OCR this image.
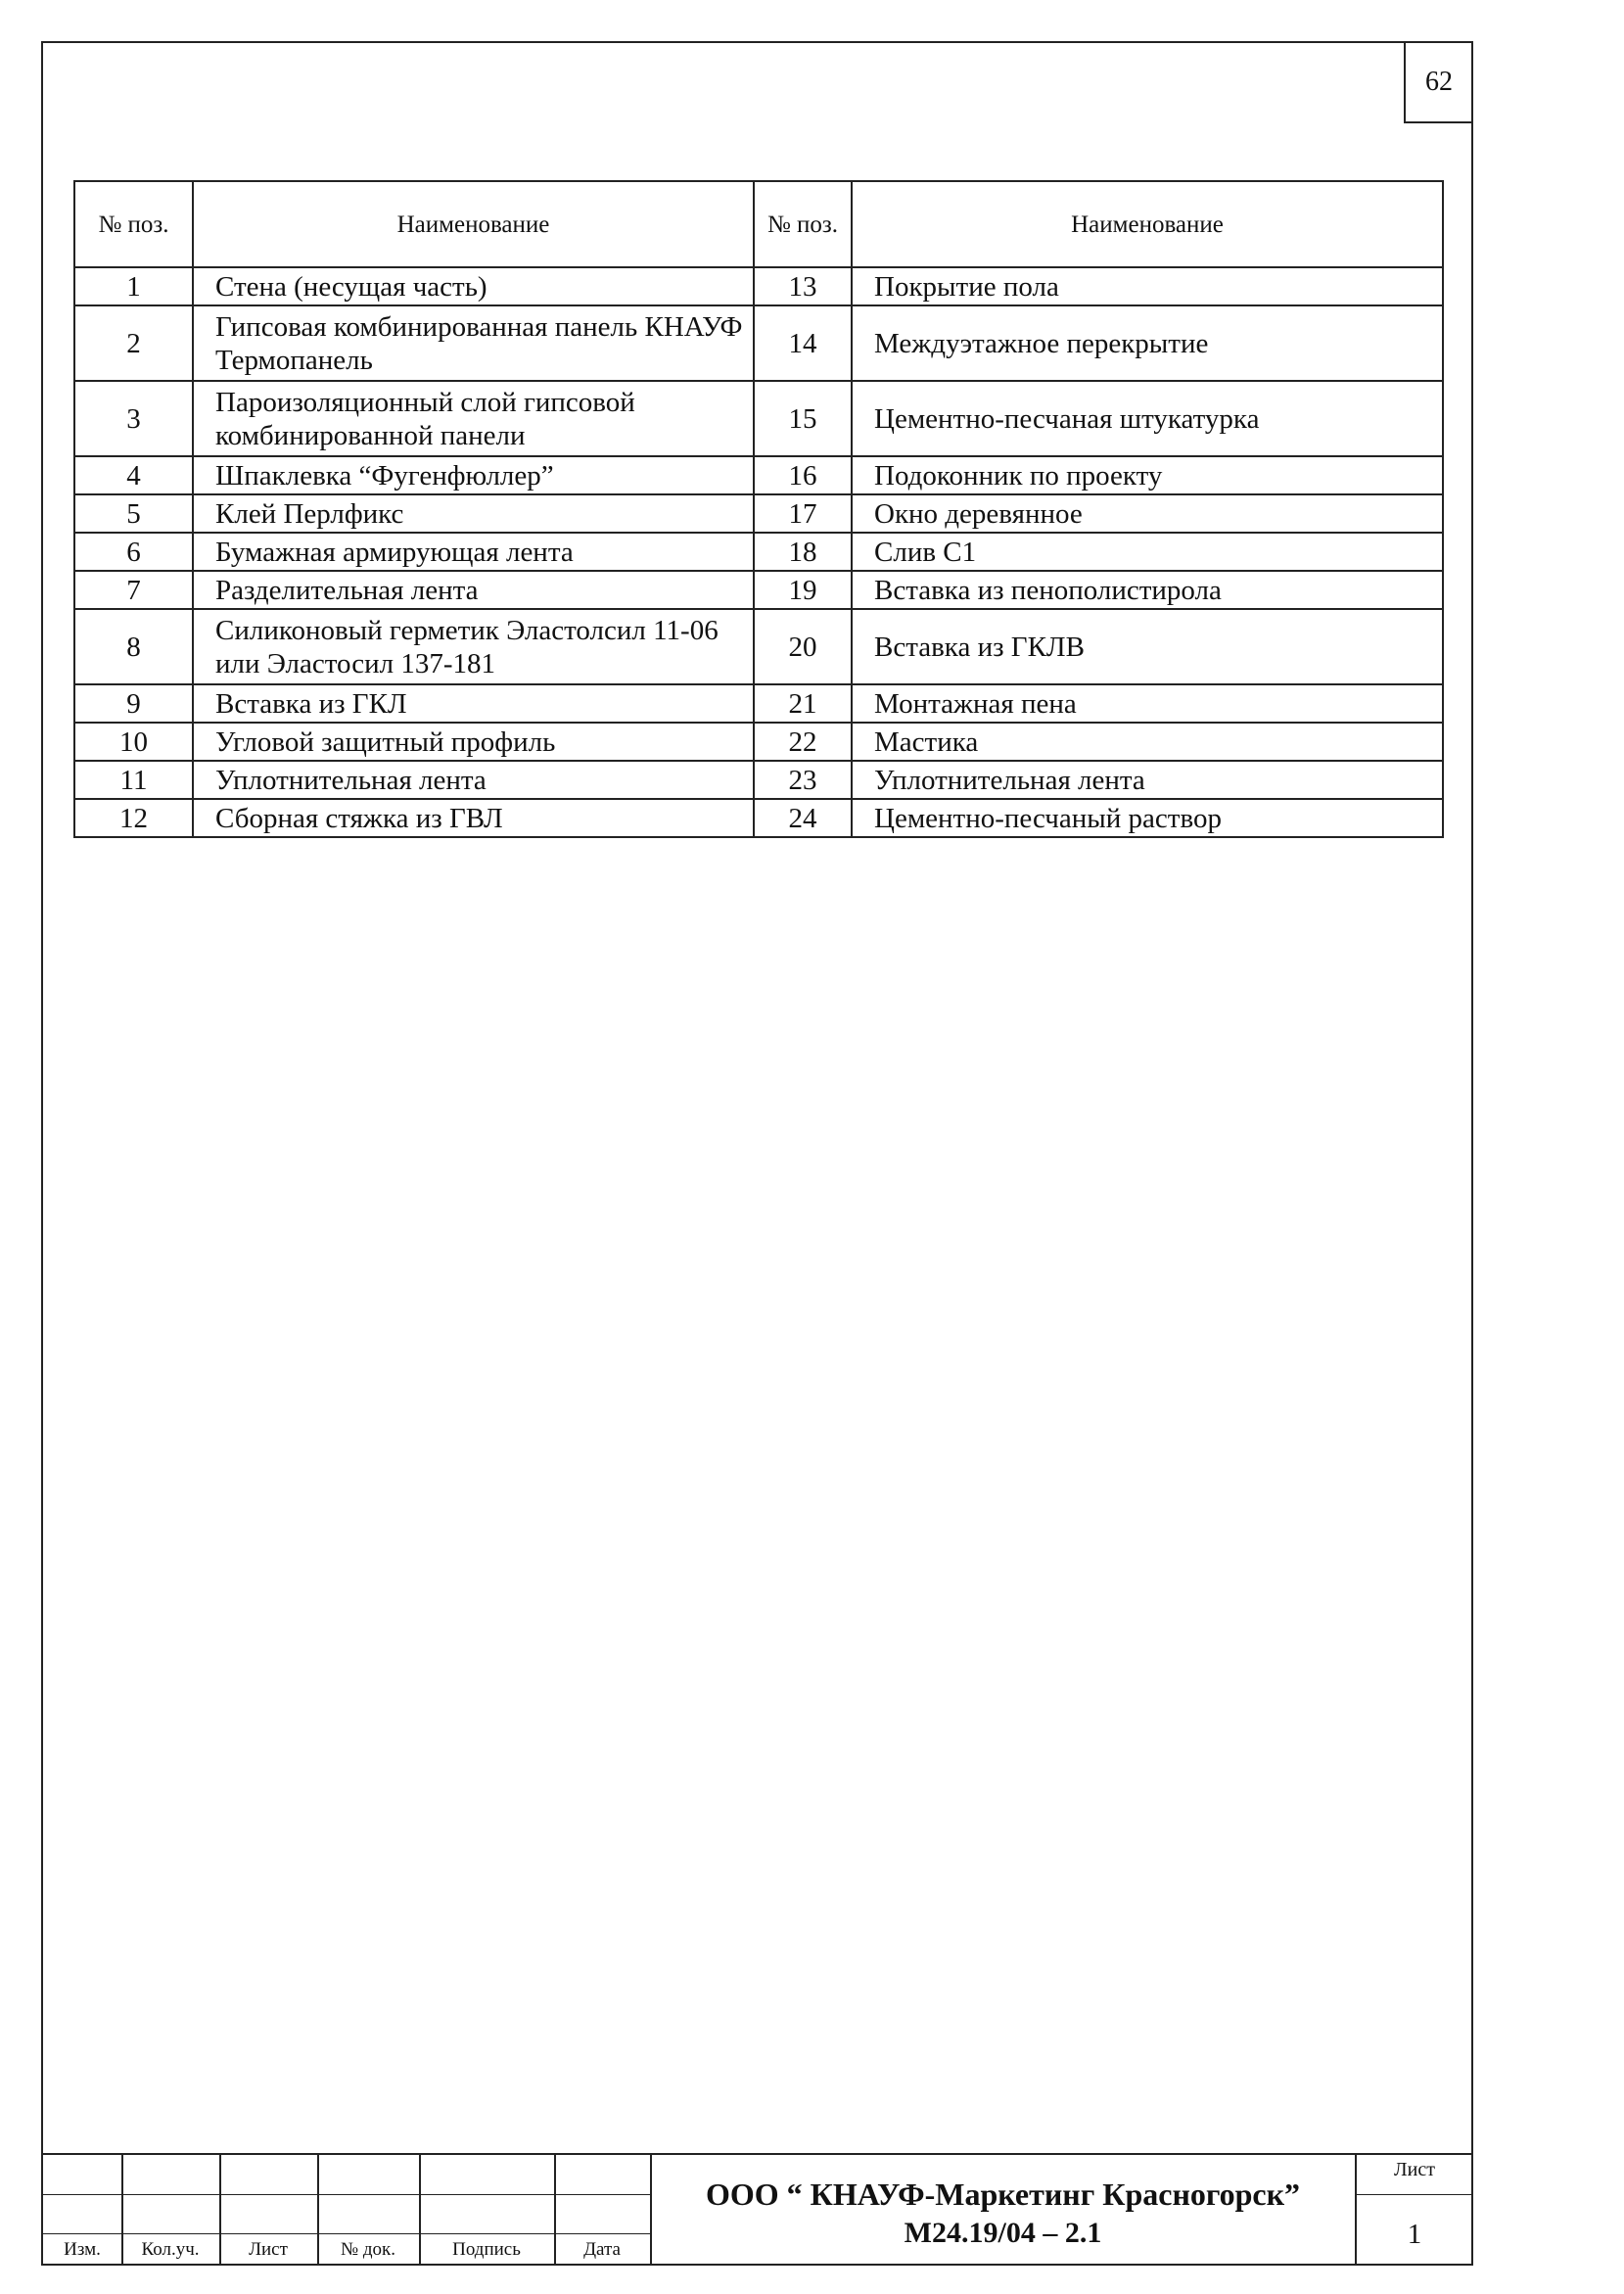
62
№ поз.	Наименование	№ поз.	Наименование
1	Стена (несущая часть)	13	Покрытие пола
2	Гипсовая комбинированная панель КНАУФ Термопанель	14	Междуэтажное перекрытие
3	Пароизоляционный слой гипсовой комбинированной панели	15	Цементно-песчаная штукатурка
4	Шпаклевка “Фугенфюллер”	16	Подоконник по проекту
5	Клей Перлфикс	17	Окно деревянное
6	Бумажная армирующая лента	18	Слив С1
7	Разделительная лента	19	Вставка из пенополистирола
8	Силиконовый герметик Эластолсил 11-06 или Эластосил 137-181	20	Вставка из ГКЛВ
9	Вставка из ГКЛ	21	Монтажная пена
10	Угловой защитный профиль	22	Мастика
11	Уплотнительная лента	23	Уплотнительная лента
12	Сборная стяжка из ГВЛ	24	Цементно-песчаный раствор
Изм.	Кол.уч.	Лист	№ док.	Подпись	Дата
ООО “ КНАУФ-Маркетинг Красногорск”
М24.19/04 – 2.1
Лист
1
